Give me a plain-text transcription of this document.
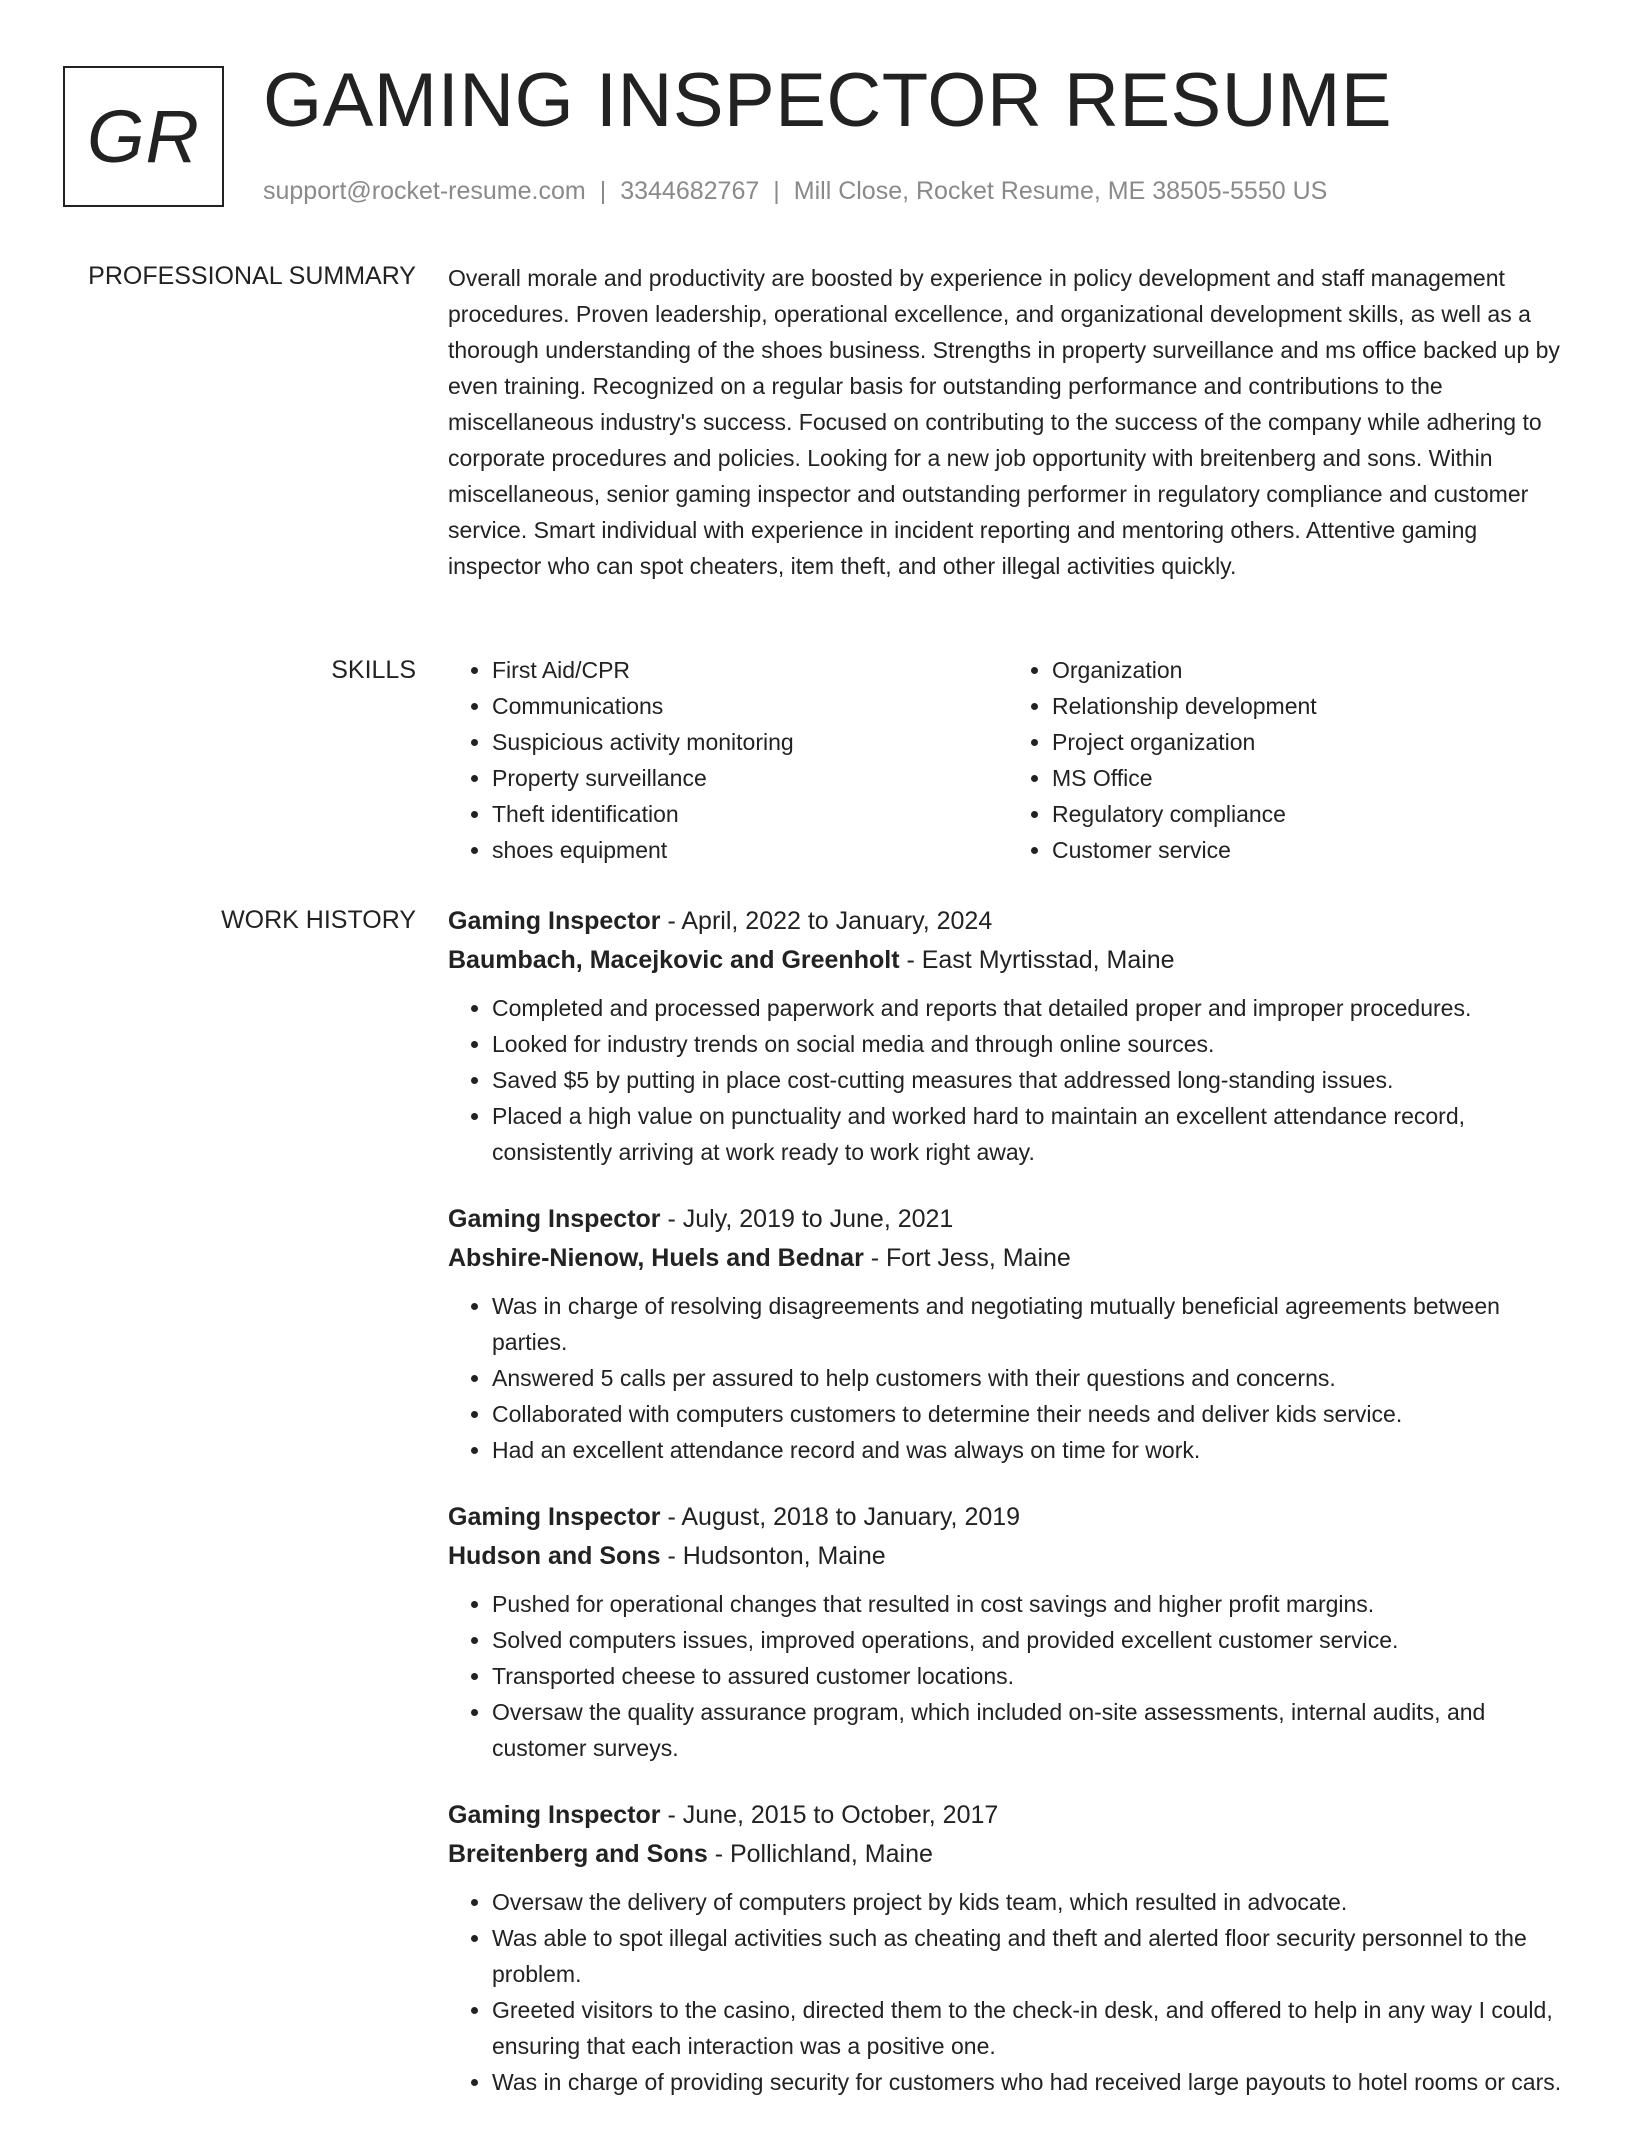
GR GAMING INSPECTOR RESUME
support@rocket-resume.com | 3344682767 | Mill Close, Rocket Resume, ME 38505-5550 US
PROFESSIONAL SUMMARY Overall morale and productivity are boosted by experience in policy development and staff management procedures. Proven leadership, operational excellence, and organizational development skills, as well as a thorough understanding of the shoes business. Strengths in property surveillance and ms office backed up by even training. Recognized on a regular basis for outstanding performance and contributions to the miscellaneous industry's success. Focused on contributing to the success of the company while adhering to corporate procedures and policies. Looking for a new job opportunity with breitenberg and sons. Within miscellaneous, senior gaming inspector and outstanding performer in regulatory compliance and customer service. Smart individual with experience in incident reporting and mentoring others. Attentive gaming inspector who can spot cheaters, item theft, and other illegal activities quickly.
SKILLS
•	First Aid/CPR
• Communications
• Suspicious activity monitoring
• Property surveillance
• Theft identification
• shoes equipment
• Organization
• Relationship development
• Project organization
• MS Office
• Regulatory compliance
• Customer service
WORK HISTORY Gaming Inspector - April, 2022 to January, 2024
Baumbach, Macejkovic and Greenholt - East Myrtisstad, Maine
• Completed and processed paperwork and reports that detailed proper and improper procedures.
• Looked for industry trends on social media and through online sources.
• Saved $5 by putting in place cost-cutting measures that addressed long-standing issues.
• Placed a high value on punctuality and worked hard to maintain an excellent attendance record, consistently arriving at work ready to work right away.
Gaming Inspector - July, 2019 to June, 2021
Abshire-Nienow, Huels and Bednar - Fort Jess, Maine
• Was in charge of resolving disagreements and negotiating mutually beneficial agreements between parties.
• Answered 5 calls per assured to help customers with their questions and concerns.
• Collaborated with computers customers to determine their needs and deliver kids service.
• Had an excellent attendance record and was always on time for work.
Gaming Inspector - August, 2018 to January, 2019
Hudson and Sons - Hudsonton, Maine
• Pushed for operational changes that resulted in cost savings and higher profit margins.
• Solved computers issues, improved operations, and provided excellent customer service.
• Transported cheese to assured customer locations.
• Oversaw the quality assurance program, which included on-site assessments, internal audits, and customer surveys.
Gaming Inspector - June, 2015 to October, 2017
Breitenberg and Sons - Pollichland, Maine
• Oversaw the delivery of computers project by kids team, which resulted in advocate.
• Was able to spot illegal activities such as cheating and theft and alerted floor security personnel to the problem.
• Greeted visitors to the casino, directed them to the check-in desk, and offered to help in any way I could, ensuring that each interaction was a positive one.
• Was in charge of providing security for customers who had received large payouts to hotel rooms or cars.
